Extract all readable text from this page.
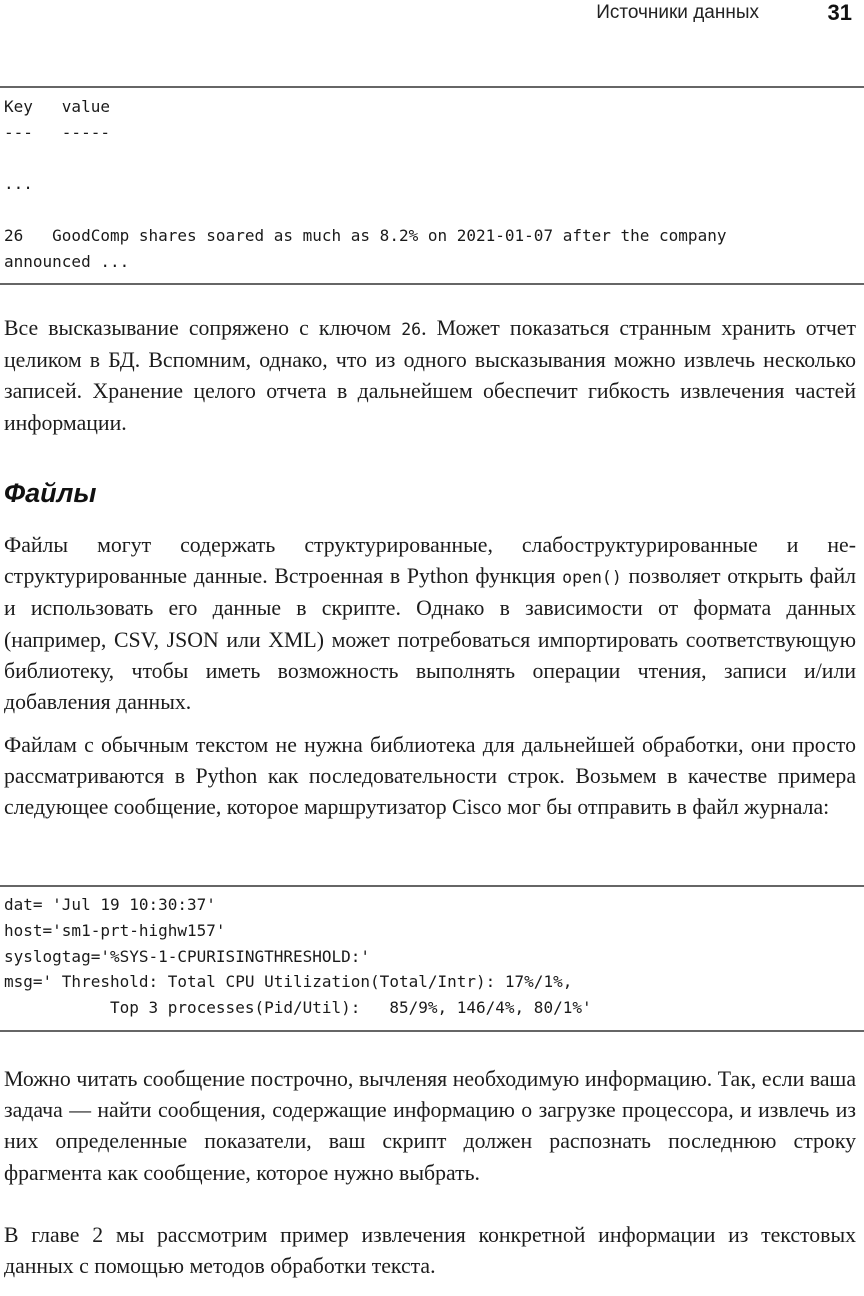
Источники данных	31
Key   value
---   -----

...

26   GoodComp shares soared as much as 8.2% on 2021-01-07 after the company
announced ...

Все высказывание сопряжено с ключом 26. Может показаться странным хранить отчет целиком в БД. Вспомним, однако, что из одного высказывания можно извлечь несколько записей. Хранение целого отчета в дальнейшем обеспечит гибкость извлечения частей информации.

Файлы

Файлы могут содержать структурированные, слабоструктурированные и неструктурированные данные. Встроенная в Python функция open() позволяет открыть файл и использовать его данные в скрипте. Однако в зависимости от формата данных (например, CSV, JSON или XML) может потребоваться импортировать соответствующую библиотеку, чтобы иметь возможность выполнять операции чтения, записи и/или добавления данных.

Файлам с обычным текстом не нужна библиотека для дальнейшей обработки, они просто рассматриваются в Python как последовательности строк. Возьмем в качестве примера следующее сообщение, которое маршрутизатор Cisco мог бы отправить в файл журнала:

dat= 'Jul 19 10:30:37'
host='sm1-prt-highw157'
syslogtag='%SYS-1-CPURISINGTHRESHOLD:'
msg=' Threshold: Total CPU Utilization(Total/Intr): 17%/1%,
Top 3 processes(Pid/Util):   85/9%, 146/4%, 80/1%'

Можно читать сообщение построчно, вычленяя необходимую информацию. Так, если ваша задача — найти сообщения, содержащие информацию о загрузке процессора, и извлечь из них определенные показатели, ваш скрипт должен распознать последнюю строку фрагмента как сообщение, которое нужно выбрать.

В главе 2 мы рассмотрим пример извлечения конкретной информации из текстовых данных с помощью методов обработки текста.
